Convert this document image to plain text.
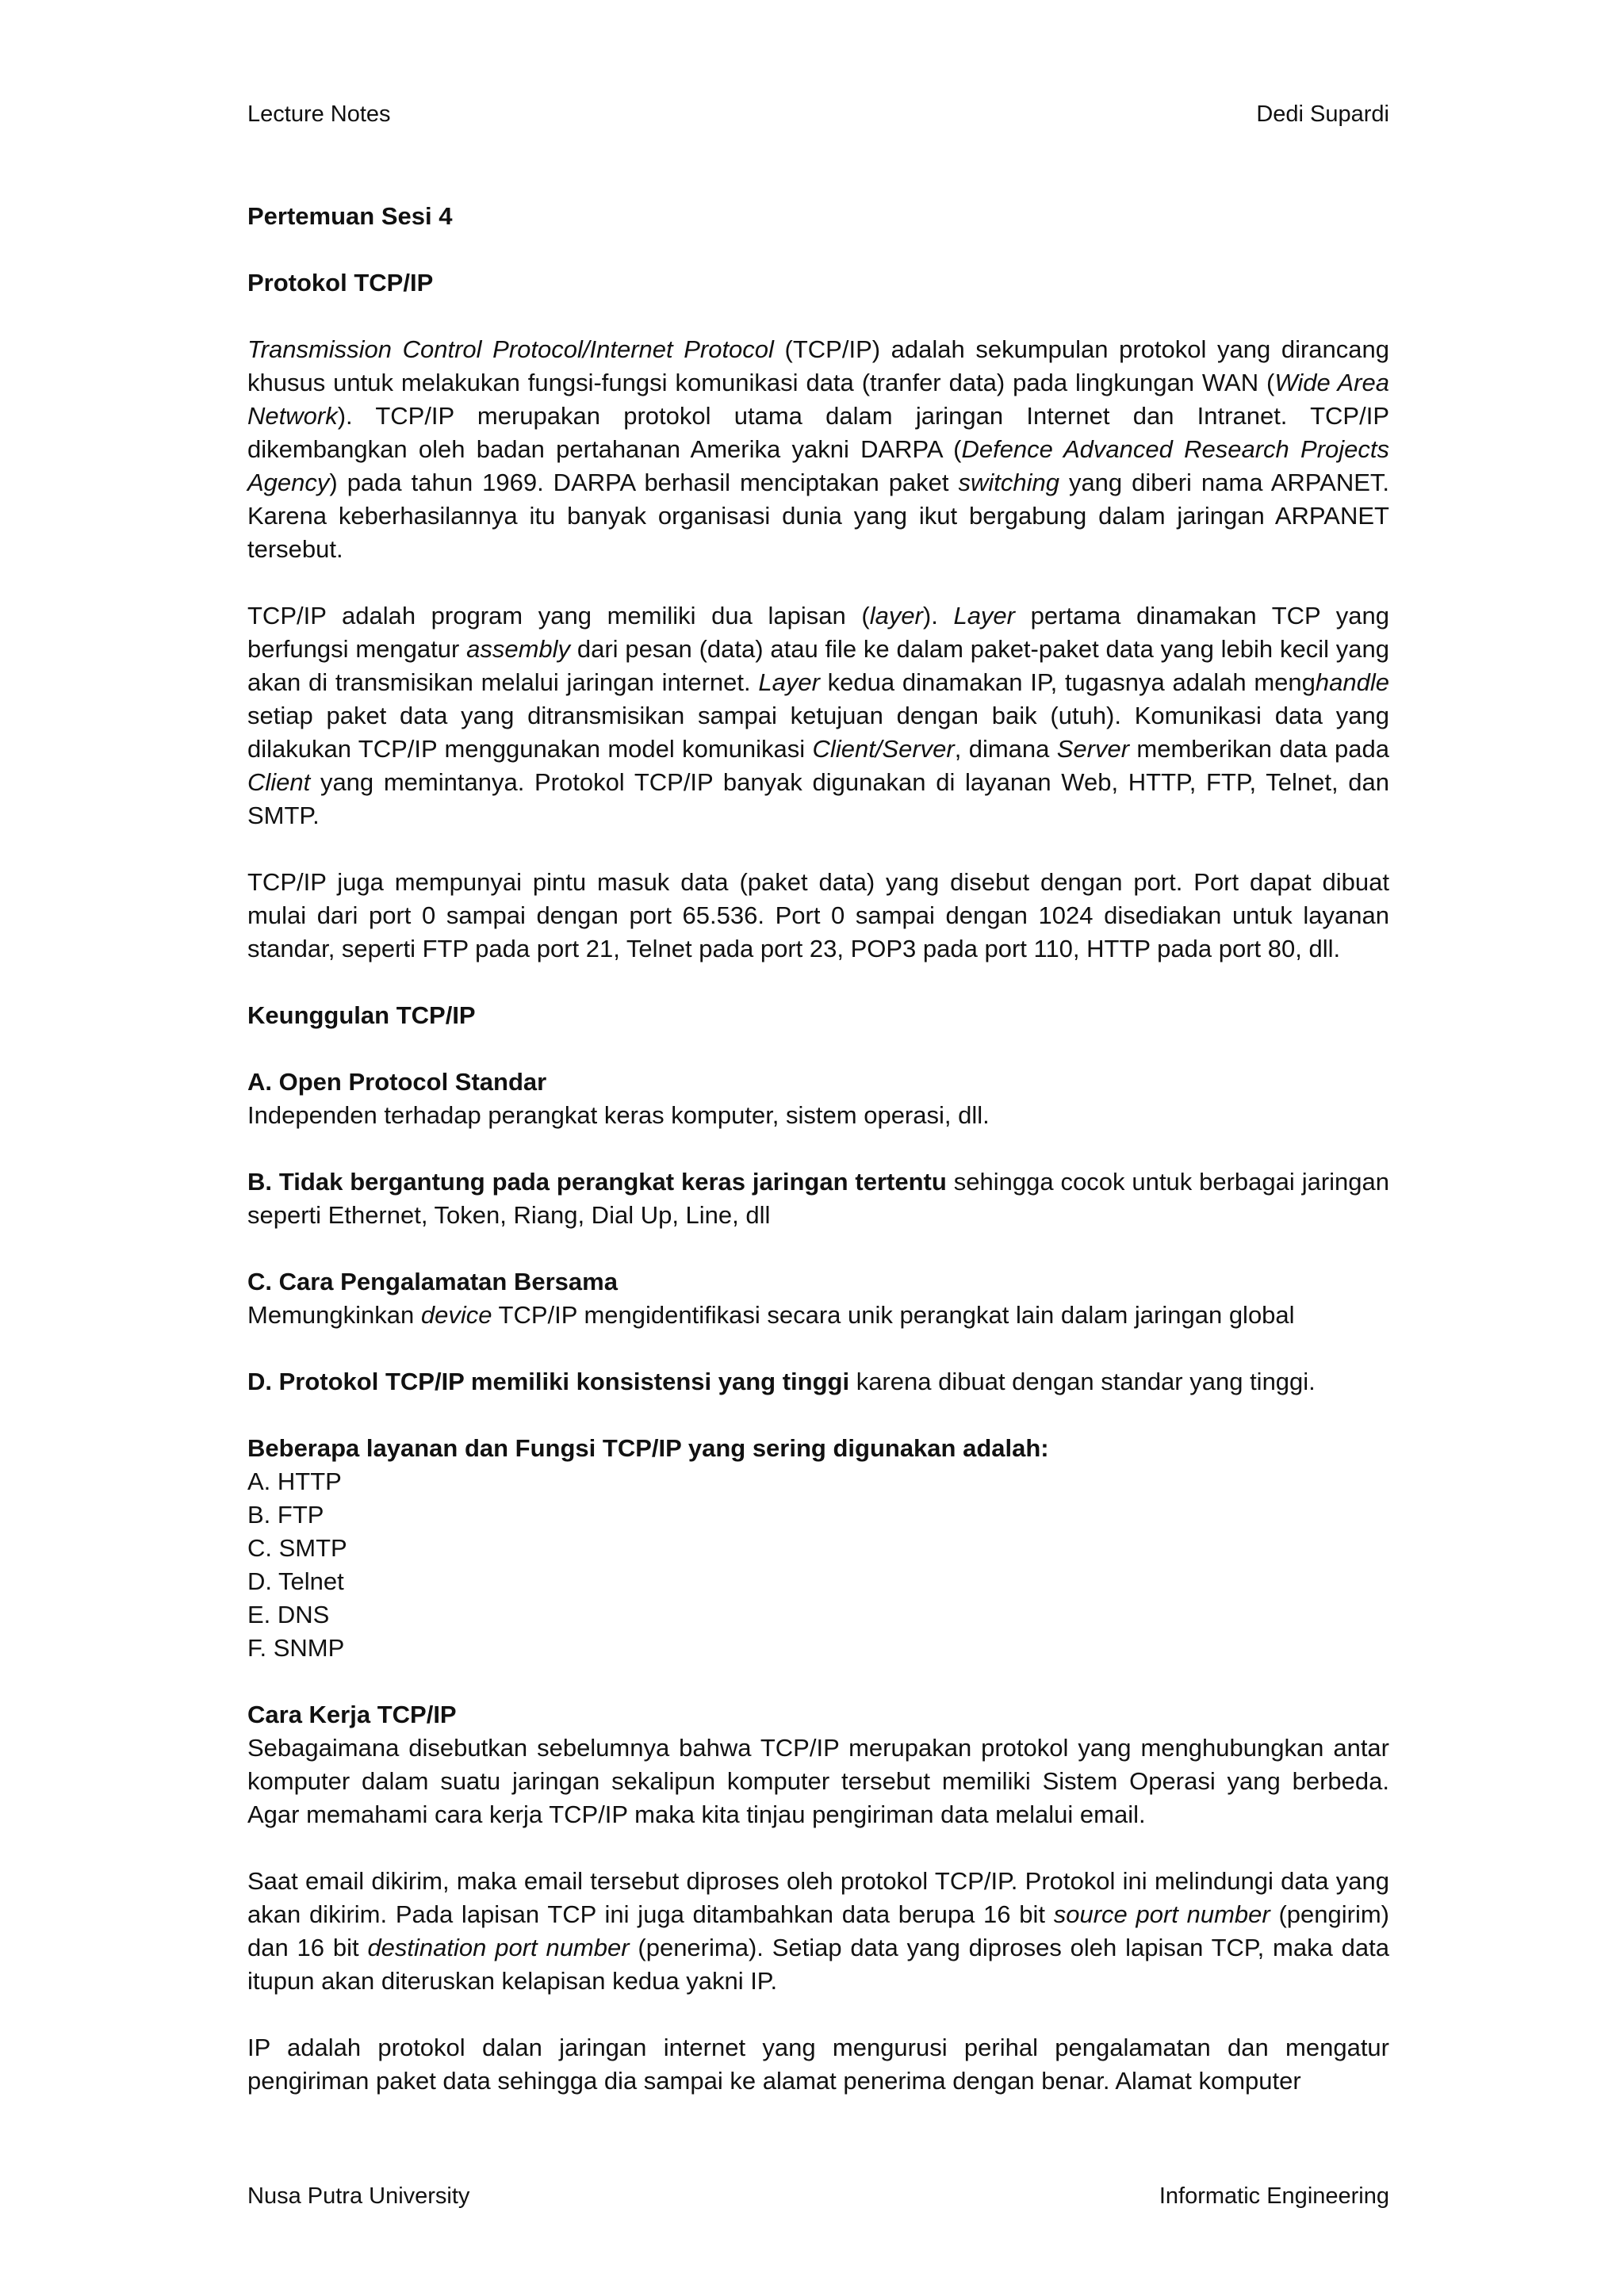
Lecture Notes	Dedi Supardi

Pertemuan Sesi 4

Protokol TCP/IP

Transmission Control Protocol/Internet Protocol (TCP/IP) adalah sekumpulan protokol yang dirancang khusus untuk melakukan fungsi-fungsi komunikasi data (tranfer data) pada lingkungan WAN (Wide Area Network). TCP/IP merupakan protokol utama dalam jaringan Internet dan Intranet. TCP/IP dikembangkan oleh badan pertahanan Amerika yakni DARPA (Defence Advanced Research Projects Agency) pada tahun 1969. DARPA berhasil menciptakan paket switching yang diberi nama ARPANET. Karena keberhasilannya itu banyak organisasi dunia yang ikut bergabung dalam jaringan ARPANET tersebut.

TCP/IP adalah program yang memiliki dua lapisan (layer). Layer pertama dinamakan TCP yang berfungsi mengatur assembly dari pesan (data) atau file ke dalam paket-paket data yang lebih kecil yang akan di transmisikan melalui jaringan internet. Layer kedua dinamakan IP, tugasnya adalah menghandle setiap paket data yang ditransmisikan sampai ketujuan dengan baik (utuh). Komunikasi data yang dilakukan TCP/IP menggunakan model komunikasi Client/Server, dimana Server memberikan data pada Client yang memintanya. Protokol TCP/IP banyak digunakan di layanan Web, HTTP, FTP, Telnet, dan SMTP.

TCP/IP juga mempunyai pintu masuk data (paket data) yang disebut dengan port. Port dapat dibuat mulai dari port 0 sampai dengan port 65.536. Port 0 sampai dengan 1024 disediakan untuk layanan standar, seperti FTP pada port 21, Telnet pada port 23, POP3 pada port 110, HTTP pada port 80, dll.

Keunggulan TCP/IP

A. Open Protocol Standar

Independen terhadap perangkat keras komputer, sistem operasi, dll.

B. Tidak bergantung pada perangkat keras jaringan tertentu sehingga cocok untuk berbagai jaringan seperti Ethernet, Token, Riang, Dial Up, Line, dll

C. Cara Pengalamatan Bersama

Memungkinkan device TCP/IP mengidentifikasi secara unik perangkat lain dalam jaringan global

D. Protokol TCP/IP memiliki konsistensi yang tinggi karena dibuat dengan standar yang tinggi.

Beberapa layanan dan Fungsi TCP/IP yang sering digunakan adalah:

A. HTTP

B. FTP

C. SMTP

D. Telnet

E. DNS

F. SNMP

Cara Kerja TCP/IP

Sebagaimana disebutkan sebelumnya bahwa TCP/IP merupakan protokol yang menghubungkan antar komputer dalam suatu jaringan sekalipun komputer tersebut memiliki Sistem Operasi yang berbeda. Agar memahami cara kerja TCP/IP maka kita tinjau pengiriman data melalui email.

Saat email dikirim, maka email tersebut diproses oleh protokol TCP/IP. Protokol ini melindungi data yang akan dikirim. Pada lapisan TCP ini juga ditambahkan data berupa 16 bit source port number (pengirim) dan 16 bit destination port number (penerima). Setiap data yang diproses oleh lapisan TCP, maka data itupun akan diteruskan kelapisan kedua yakni IP.

IP adalah protokol dalan jaringan internet yang mengurusi perihal pengalamatan dan mengatur pengiriman paket data sehingga dia sampai ke alamat penerima dengan benar. Alamat komputer

Nusa Putra University	Informatic Engineering
